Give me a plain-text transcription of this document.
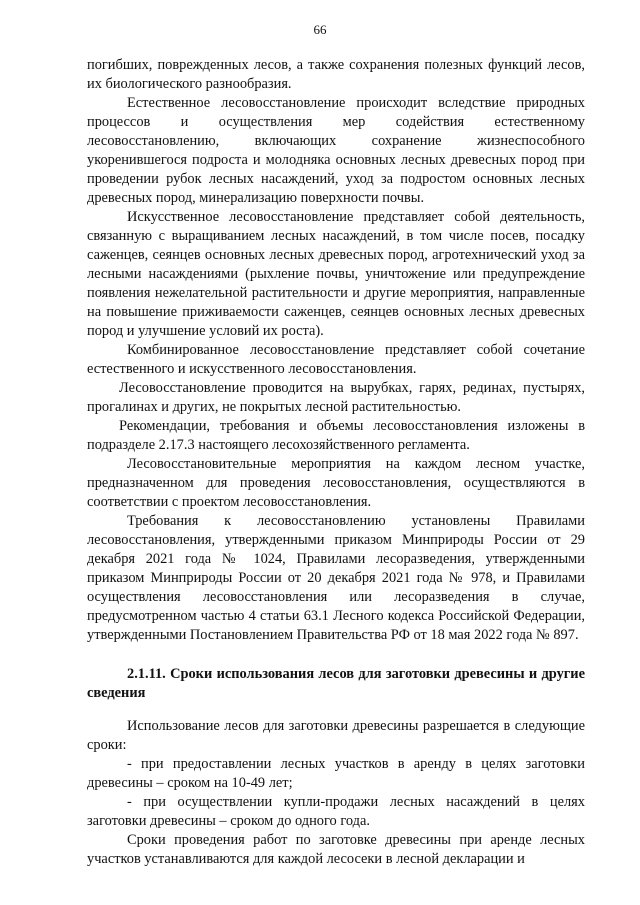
66

погибших, поврежденных лесов, а также сохранения полезных функций лесов, их биологического разнообразия.

Естественное лесовосстановление происходит вследствие природных процессов и осуществления мер содействия естественному лесовосстановлению, включающих сохранение жизнеспособного укоренившегося подроста и молодняка основных лесных древесных пород при проведении рубок лесных насаждений, уход за подростом основных лесных древесных пород, минерализацию поверхности почвы.

Искусственное лесовосстановление представляет собой деятельность, связанную с выращиванием лесных насаждений, в том числе посев, посадку саженцев, сеянцев основных лесных древесных пород, агротехнический уход за лесными насаждениями (рыхление почвы, уничтожение или предупреждение появления нежелательной растительности и другие мероприятия, направленные на повышение приживаемости саженцев, сеянцев основных лесных древесных пород и улучшение условий их роста).

Комбинированное лесовосстановление представляет собой сочетание естественного и искусственного лесовосстановления.

Лесовосстановление проводится на вырубках, гарях, рединах, пустырях, прогалинах и других, не покрытых лесной растительностью.

Рекомендации, требования и объемы лесовосстановления изложены в подразделе 2.17.3 настоящего лесохозяйственного регламента.

Лесовосстановительные мероприятия на каждом лесном участке, предназначенном для проведения лесовосстановления, осуществляются в соответствии с проектом лесовосстановления.

Требования к лесовосстановлению установлены Правилами лесовосстановления, утвержденными приказом Минприроды России от 29 декабря 2021 года № 1024, Правилами лесоразведения, утвержденными приказом Минприроды России от 20 декабря 2021 года № 978, и Правилами осуществления лесовосстановления или лесоразведения в случае, предусмотренном частью 4 статьи 63.1 Лесного кодекса Российской Федерации, утвержденными Постановлением Правительства РФ от 18 мая 2022 года № 897.

2.1.11. Сроки использования лесов для заготовки древесины и другие сведения

Использование лесов для заготовки древесины разрешается в следующие сроки:

- при предоставлении лесных участков в аренду в целях заготовки древесины – сроком на 10-49 лет;

- при осуществлении купли-продажи лесных насаждений в целях заготовки древесины – сроком до одного года.

Сроки проведения работ по заготовке древесины при аренде лесных участков устанавливаются для каждой лесосеки в лесной декларации и
